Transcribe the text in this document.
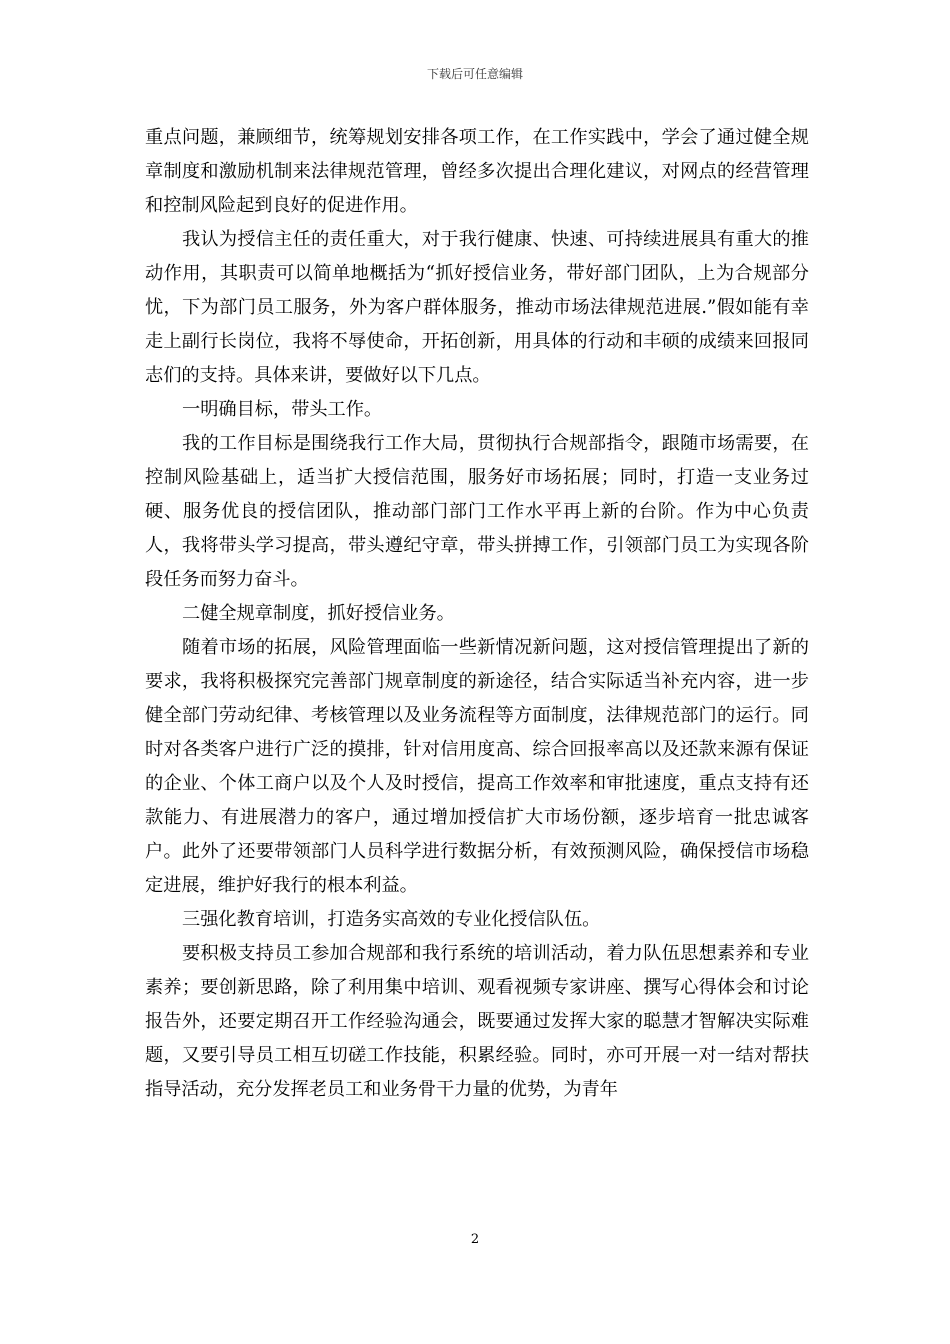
下载后可任意编辑

重点问题，兼顾细节，统筹规划安排各项工作，在工作实践中，学会了通过健全规章制度和激励机制来法律规范管理，曾经多次提出合理化建议，对网点的经营管理和控制风险起到良好的促进作用。

我认为授信主任的责任重大，对于我行健康、快速、可持续进展具有重大的推动作用，其职责可以简单地概括为“抓好授信业务，带好部门团队，上为合规部分忧，下为部门员工服务，外为客户群体服务，推动市场法律规范进展.”假如能有幸走上副行长岗位，我将不辱使命，开拓创新，用具体的行动和丰硕的成绩来回报同志们的支持。具体来讲，要做好以下几点。

一明确目标，带头工作。

我的工作目标是围绕我行工作大局，贯彻执行合规部指令，跟随市场需要，在控制风险基础上，适当扩大授信范围，服务好市场拓展；同时，打造一支业务过硬、服务优良的授信团队，推动部门部门工作水平再上新的台阶。作为中心负责人，我将带头学习提高，带头遵纪守章，带头拼搏工作，引领部门员工为实现各阶段任务而努力奋斗。

二健全规章制度，抓好授信业务。

随着市场的拓展，风险管理面临一些新情况新问题，这对授信管理提出了新的要求，我将积极探究完善部门规章制度的新途径，结合实际适当补充内容，进一步健全部门劳动纪律、考核管理以及业务流程等方面制度，法律规范部门的运行。同时对各类客户进行广泛的摸排，针对信用度高、综合回报率高以及还款来源有保证的企业、个体工商户以及个人及时授信，提高工作效率和审批速度，重点支持有还款能力、有进展潜力的客户，通过增加授信扩大市场份额，逐步培育一批忠诚客户。此外了还要带领部门人员科学进行数据分析，有效预测风险，确保授信市场稳定进展，维护好我行的根本利益。

三强化教育培训，打造务实高效的专业化授信队伍。

要积极支持员工参加合规部和我行系统的培训活动，着力队伍思想素养和专业素养；要创新思路，除了利用集中培训、观看视频专家讲座、撰写心得体会和讨论报告外，还要定期召开工作经验沟通会，既要通过发挥大家的聪慧才智解决实际难题，又要引导员工相互切磋工作技能，积累经验。同时，亦可开展一对一结对帮扶指导活动，充分发挥老员工和业务骨干力量的优势，为青年

2
